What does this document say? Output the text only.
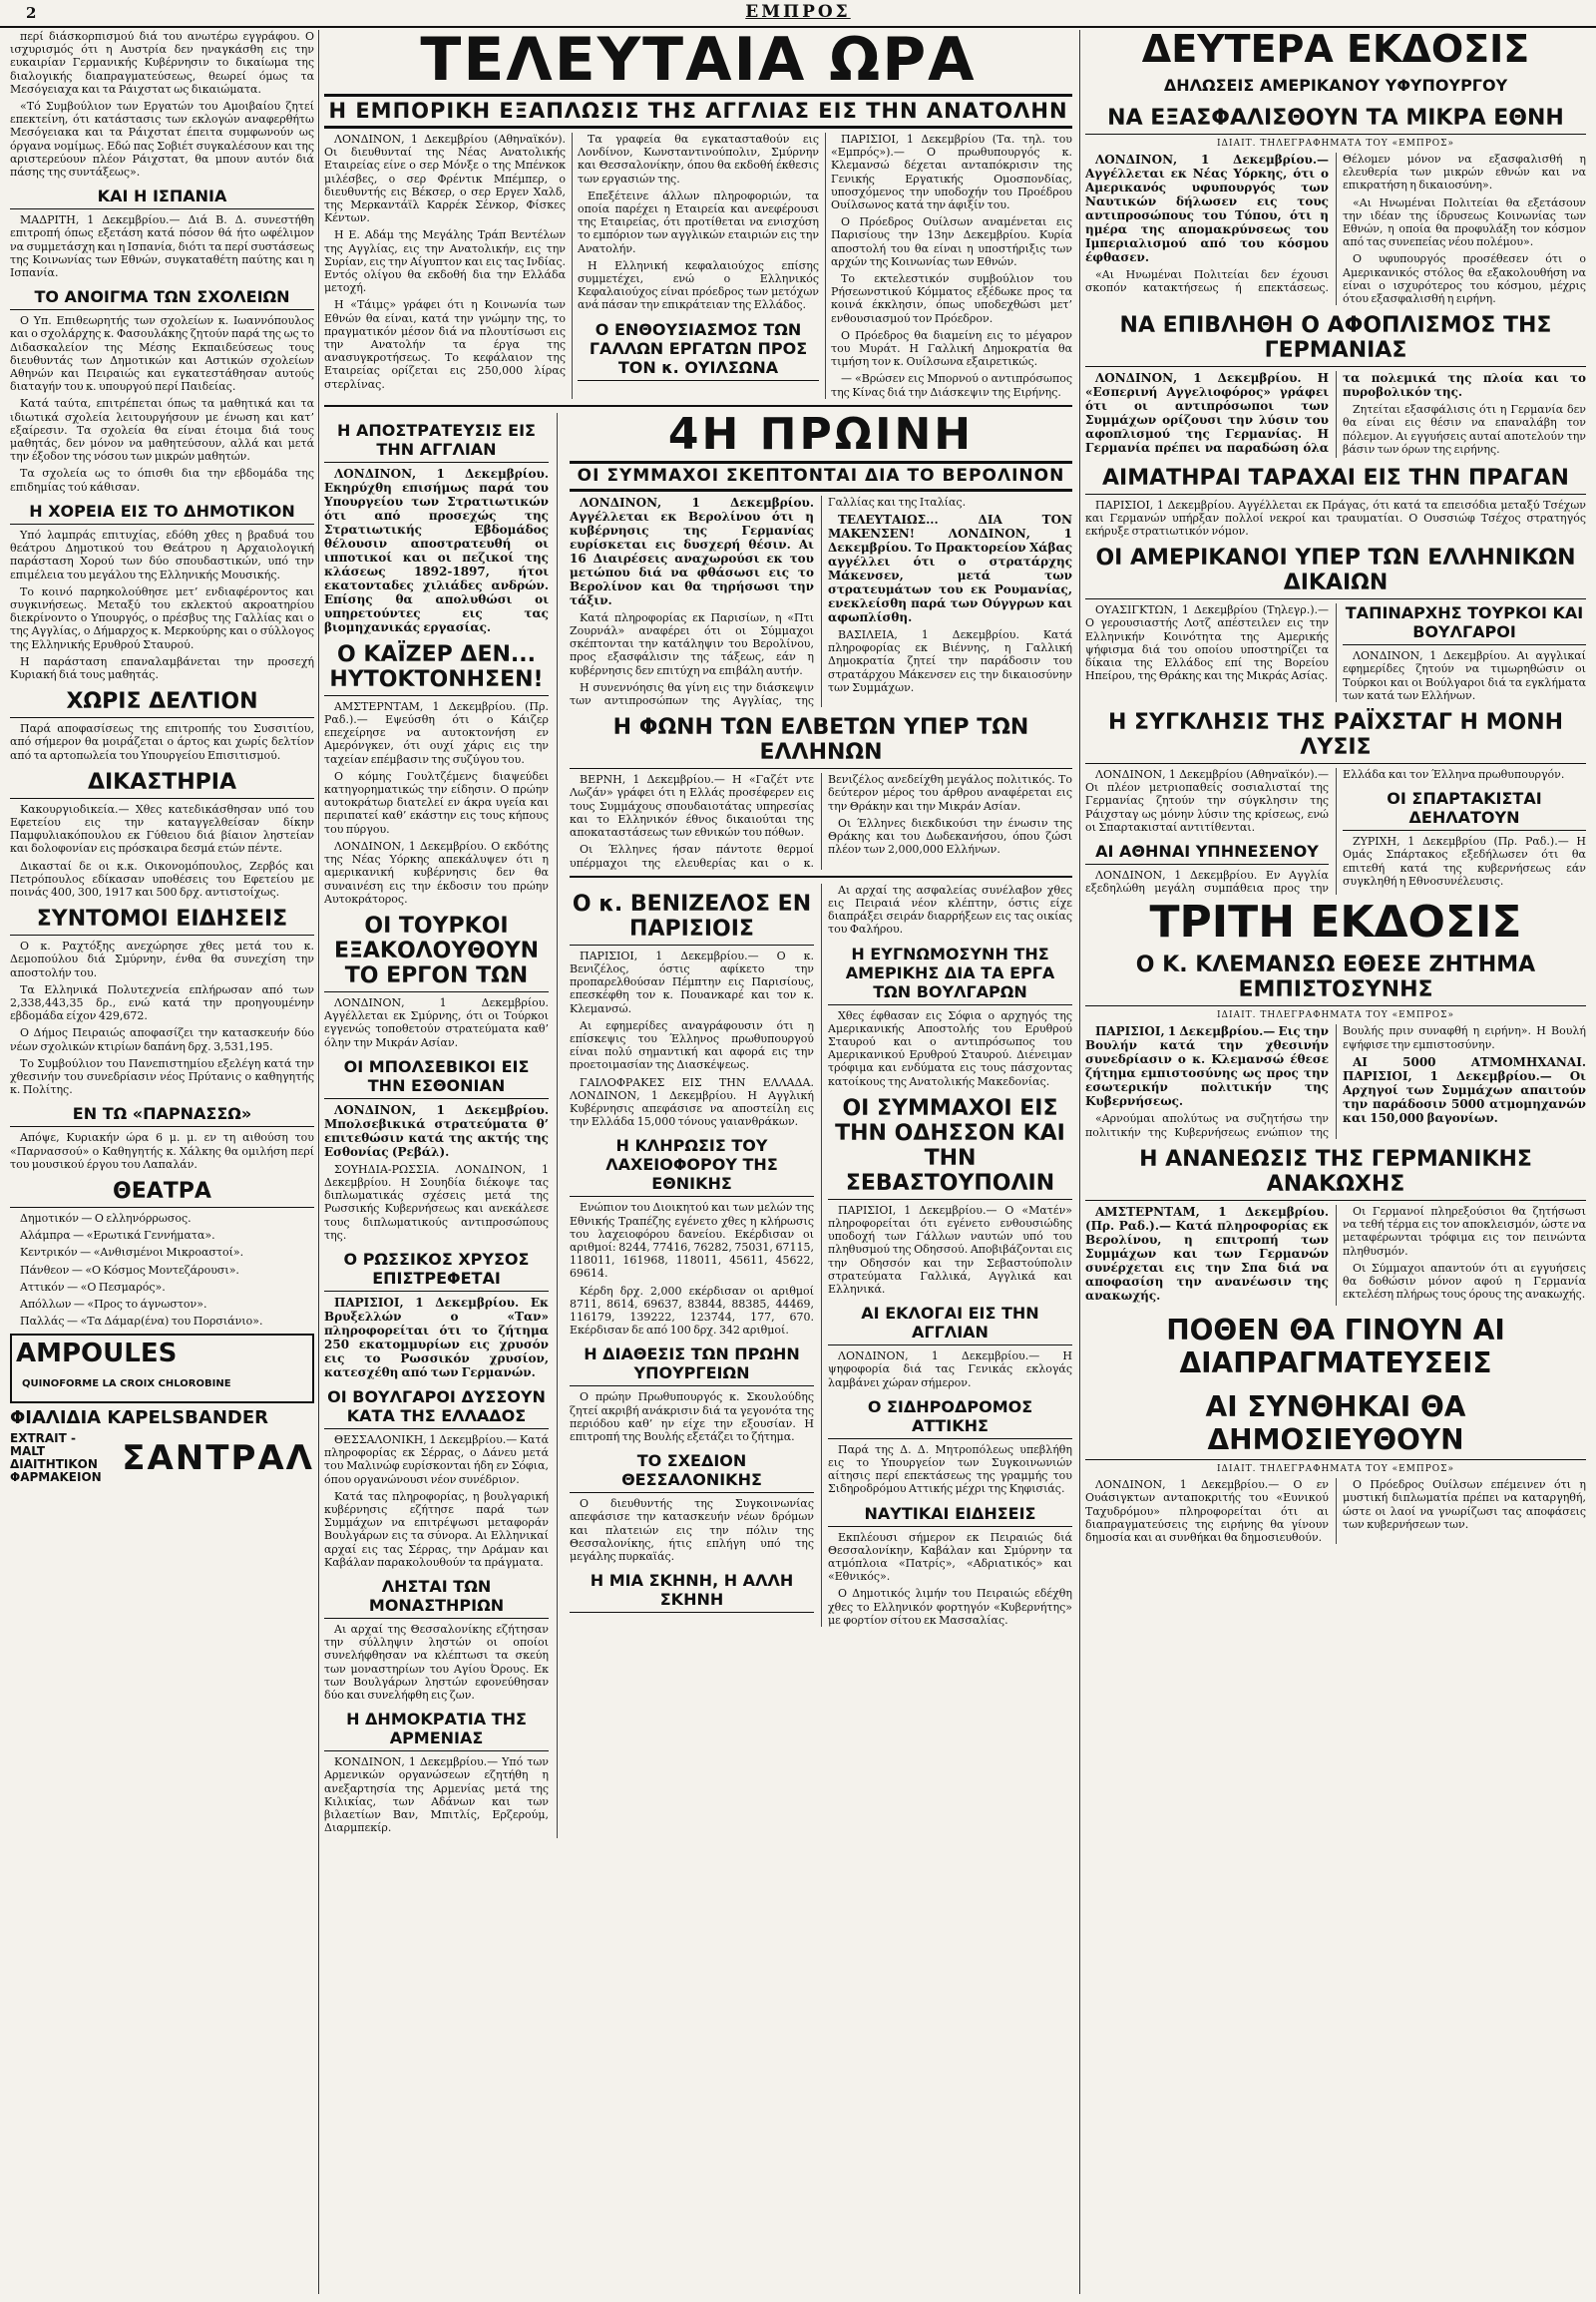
2	ΕΜΠΡΟΣ

περί διάσκορπισμού διά του ανωτέρω εγγράφου. Ο ισχυρισμός ότι η Αυστρία δεν ηναγκάσθη εις την ευκαιρίαν Γερμανικής Κυβέρνησιν το δικαίωμα της διαλογικής διαπραγματεύσεως, θεωρεί όμως τα Μεσόγειαχα και τα Ράιχστατ ως δικαιώματα.

«Τό Συμβούλιον των Εργατών του Αμοιβαίου ζητεί επεκτείνη, ότι κατάστασις των εκλογών αναφερθήτω Μεσόγειακα και τα Ράιχστατ έπειτα συμφωνούν ως όργανα νομίμως. Εδώ πας Σοβιέτ συγκαλέσουν και της αριστερεύουν πλέον Ράιχστατ, θα μπουν αυτόν διά πάσης της συντάξεως».

ΚΑΙ Η ΙΣΠΑΝΙΑ

ΜΑΔΡΙΤΗ, 1 Δεκεμβρίου.— Διά Β. Δ. συνεστήθη επιτροπή όπως εξετάση κατά πόσον θά ήτο ωφέλιμον να συμμετάσχη και η Ισπανία, διότι τα περί συστάσεως της Κοινωνίας των Εθνών, συγκαταθέτη παύτης και η Ισπανία.

ΤΟ ΑΝΟΙΓΜΑ ΤΩΝ ΣΧΟΛΕΙΩΝ

Ο Υπ. Επιθεωρητής των σχολείων κ. Ιωαννόπουλος και ο σχολάρχης κ. Φασουλάκης ζητούν παρά της ως το Διδασκαλείον της Μέσης Εκπαιδεύσεως τους διευθυντάς των Δημοτικών και Αστικών σχολείων Αθηνών και Πειραιώς και εγκατεστάθησαν αυτούς διαταγήν του κ. υπουργού περί Παιδείας.

Κατά ταύτα, επιτρέπεται όπως τα μαθητικά και τα ιδιωτικά σχολεία λειτουργήσουν με ένωση και κατ’ εξαίρεσιν. Τα σχολεία θα είναι έτοιμα διά τους μαθητάς, δεν μόνον να μαθητεύσουν, αλλά και μετά την έξοδον της νόσου των μικρών μαθητών.

Τα σχολεία ως το όπισθι δια την εβδομάδα της επιδημίας τού κάθισαν.

Η ΧΟΡΕΙΑ ΕΙΣ ΤΟ ΔΗΜΟΤΙΚΟΝ

Υπό λαμπράς επιτυχίας, εδόθη χθες η βραδυά του θεάτρου Δημοτικού του Θεάτρου η Αρχαιολογική παράσταση Χορού των δύο σπουδαστικών, υπό την επιμέλεια του μεγάλου της Ελληνικής Μουσικής.

Το κοινό παρηκολούθησε μετ’ ενδιαφέροντος και συγκινήσεως. Μεταξύ του εκλεκτού ακροατηρίου διεκρίνοντο ο Υπουργός, ο πρέσβυς της Γαλλίας και ο της Αγγλίας, ο Δήμαρχος κ. Μερκούρης και ο σύλλογος της Ελληνικής Ερυθρού Σταυρού.

Η παράσταση επαναλαμβάνεται την προσεχή Κυριακή διά τους μαθητάς.

ΧΩΡΙΣ ΔΕΛΤΙΟΝ

Παρά αποφασίσεως της επιτροπής του Συσσιτίου, από σήμερον θα μοιράζεται ο άρτος και χωρίς δελτίον από τα αρτοπωλεία του Υπουργείου Επισιτισμού.

ΔΙΚΑΣΤΗΡΙΑ

Κακουργιοδικεία.— Χθες κατεδικάσθησαν υπό του Εφετείου εις την καταγγελθείσαν δίκην Παμφυλιακόπουλου εκ Γύθειου διά βίαιον ληστείαν και δολοφονίαν εις πρόσκαιρα δεσμά ετών πέντε.

Δικασταί δε οι κ.κ. Οικονομόπουλος, Ζερβός και Πετρόπουλος εδίκασαν υποθέσεις του Εφετείου με ποινάς 400, 300, 1917 και 500 δρχ. αντιστοίχως.

ΣΥΝΤΟΜΟΙ ΕΙΔΗΣΕΙΣ

Ο κ. Ραχτόξης ανεχώρησε χθες μετά του κ. Δεμοπούλου διά Σμύρνην, ένθα θα συνεχίση την αποστολήν του.

Τα Ελληνικά Πολυτεχνεία επλήρωσαν από των 2,338,443,35 δρ., ενώ κατά την προηγουμένην εβδομάδα είχον 429,672.

Ο Δήμος Πειραιώς αποφασίζει την κατασκευήν δύο νέων σχολικών κτιρίων δαπάνη δρχ. 3,531,195.

Το Συμβούλιον του Πανεπιστημίου εξελέγη κατά την χθεσινήν του συνεδρίασιν νέος Πρύτανις ο καθηγητής κ. Πολίτης.

ΕΝ ΤΩ «ΠΑΡΝΑΣΣΩ»

Απόψε, Κυριακήν ώρα 6 μ. μ. εν τη αιθούση του «Παρνασσού» ο Καθηγητής κ. Χάλκης θα ομιλήση περί του μουσικού έργου του Λαπαλάν.

ΘΕΑΤΡΑ

Δημοτικόν — Ο ελληνόρρωσος.

Αλάμπρα — «Ερωτικά Γεννήματα».

Κεντρικόν — «Ανθισμένοι Μικροαστοί».

Πάνθεον — «Ο Κόσμος Μοντεζάρουσι».

Αττικόν — «Ο Πεσμαρός».

Απόλλων — «Προς το άγνωστον».

Παλλάς — «Τα Δάμαρ(ένα) του Πορσιάνιο».

AMPOULES QUINOFORME LA CROIX CHLOROBINE
ΦΙΑΛΙΔΙΑ KAPELSBANDER
EXTRAIT - MALT
ΔΙΑΙΤΗΤΙΚΟΝ
ΦΑΡΜΑΚΕΙΟΝ ΣΑΝΤΡΑΛ
ΤΕΛΕΥΤΑΙΑ ΩΡΑ
Η ΕΜΠΟΡΙΚΗ ΕΞΑΠΛΩΣΙΣ ΤΗΣ ΑΓΓΛΙΑΣ ΕΙΣ ΤΗΝ ΑΝΑΤΟΛΗΝ

ΛΟΝΔΙΝΟΝ, 1 Δεκεμβρίου (Αθηναϊκόν). Οι διευθυνταί της Νέας Ανατολικής Εταιρείας είνε ο σερ Μόνξε ο της Μπένκοκ μιλέσβες, ο σερ Φρέντικ Μπέμπερ, ο διευθυντής εις Βέκσερ, ο σερ Εργεν Χαλδ, της Μερκαντάϊλ Καρρέκ Σένκορ, Φίσκες Κέντων.

Η Ε. Αδάμ της Μεγάλης Τράπ Βεντέλων της Αγγλίας, εις την Ανατολικήν, εις την Συρίαν, εις την Αίγυπτον και εις τας Ινδίας. Εντός ολίγου θα εκδοθή δια την Ελλάδα μετοχή.

Η «Τάιμς» γράφει ότι η Κοινωνία των Εθνών θα είναι, κατά την γνώμην της, το πραγματικόν μέσον διά να πλουτίσωσι εις την Ανατολήν τα έργα της ανασυγκροτήσεως. Το κεφάλαιον της Εταιρείας ορίζεται εις 250,000 λίρας στερλίνας.

Τα γραφεία θα εγκατασταθούν εις Λονδίνον, Κωνσταντινούπολιν, Σμύρνην και Θεσσαλονίκην, όπου θα εκδοθή έκθεσις των εργασιών της.

Επεξέτεινε άλλων πληροφοριών, τα οποία παρέχει η Εταιρεία και ανεφέρουσι της Εταιρείας, ότι προτίθεται να ενισχύση το εμπόριον των αγγλικών εταιριών εις την Ανατολήν.

Η Ελληνική κεφαλαιούχος επίσης συμμετέχει, ενώ ο Ελληνικός Κεφαλαιούχος είναι πρόεδρος των μετόχων ανά πάσαν την επικράτειαν της Ελλάδος.

Ο ΕΝΘΟΥΣΙΑΣΜΟΣ ΤΩΝ ΓΑΛΛΩΝ ΕΡΓΑΤΩΝ ΠΡΟΣ ΤΟΝ κ. ΟΥΙΛΣΩΝΑ

ΠΑΡΙΣΙΟΙ, 1 Δεκεμβρίου (Τα. τηλ. του «Εμπρός»).— Ο πρωθυπουργός κ. Κλεμανσώ δέχεται ανταπόκρισιν της Γενικής Εργατικής Ομοσπονδίας, υποσχόμενος την υποδοχήν του Προέδρου Ουίλσωνος κατά την άφιξίν του.

Ο Πρόεδρος Ουίλσων αναμένεται εις Παρισίους την 13ην Δεκεμβρίου. Κυρία αποστολή του θα είναι η υποστήριξις των αρχών της Κοινωνίας των Εθνών.

Το εκτελεστικόν συμβούλιον του Ρήσεωνστικού Κόμματος εξέδωκε προς τα κοινά έκκλησιν, όπως υποδεχθώσι μετ’ ενθουσιασμού τον Πρόεδρον.

Ο Πρόεδρος θα διαμείνη εις το μέγαρον του Μυράτ. Η Γαλλική Δημοκρατία θα τιμήση τον κ. Ουίλσωνα εξαιρετικώς.

— «Βρώσεν εις Μπορνού ο αντιπρόσωπος της Κίνας διά την Διάσκεψιν της Ειρήνης.

Η ΑΠΟΣΤΡΑΤΕΥΣΙΣ ΕΙΣ ΤΗΝ ΑΓΓΛΙΑΝ

ΛΟΝΔΙΝΟΝ, 1 Δεκεμβρίου. Εκηρύχθη επισήμως παρά του Υπουργείου των Στρατιωτικών ότι από προσεχώς της Στρατιωτικής Εβδομάδος θέλουσιν αποστρατευθή οι ιπποτικοί και οι πεζικοί της κλάσεως 1892-1897, ήτοι εκατονταδες χιλιάδες ανδρών. Επίσης θα απολυθώσι οι υπηρετούντες εις τας βιομηχανικάς εργασίας.

Ο ΚΑΪΖΕΡ ΔΕΝ... ΗΥΤΟΚΤΟΝΗΣΕΝ!

ΑΜΣΤΕΡΝΤΑΜ, 1 Δεκεμβρίου. (Πρ. Ραδ.).— Εψεύσθη ότι ο Κάιζερ επεχείρησε να αυτοκτονήση εν Αμερόνγκεν, ότι ουχί χάρις εις την ταχείαν επέμβασιν της συζύγου του.

Ο κόμης Γουλτζέμενς διαψεύδει κατηγορηματικώς την είδησιν. Ο πρώην αυτοκράτωρ διατελεί εν άκρα υγεία και περιπατεί καθ’ εκάστην εις τους κήπους του πύργου.

ΛΟΝΔΙΝΟΝ, 1 Δεκεμβρίου. Ο εκδότης της Νέας Υόρκης απεκάλυψεν ότι η αμερικανική κυβέρνησις δεν θα συναινέση εις την έκδοσιν του πρώην Αυτοκράτορος.

ΟΙ ΤΟΥΡΚΟΙ ΕΞΑΚΟΛΟΥΘΟΥΝ ΤΟ ΕΡΓΟΝ ΤΩΝ

ΛΟΝΔΙΝΟΝ, 1 Δεκεμβρίου. Αγγέλλεται εκ Σμύρνης, ότι οι Τούρκοι εγγενώς τοποθετούν στρατεύματα καθ’ όλην την Μικράν Ασίαν.

ΟΙ ΜΠΟΛΣΕΒΙΚΟΙ ΕΙΣ ΤΗΝ ΕΣΘΟΝΙΑΝ

ΛΟΝΔΙΝΟΝ, 1 Δεκεμβρίου. Μπολσεβικικά στρατεύματα θ’ επιτεθώσιν κατά της ακτής της Εσθονίας (Ρεβάλ).

ΣΟΥΗΔΙΑ-ΡΩΣΣΙΑ. ΛΟΝΔΙΝΟΝ, 1 Δεκεμβρίου. Η Σουηδία διέκοψε τας διπλωματικάς σχέσεις μετά της Ρωσσικής Κυβερνήσεως και ανεκάλεσε τους διπλωματικούς αντιπροσώπους της.

Ο ΡΩΣΣΙΚΟΣ ΧΡΥΣΟΣ ΕΠΙΣΤΡΕΦΕΤΑΙ

ΠΑΡΙΣΙΟΙ, 1 Δεκεμβρίου. Εκ Βρυξελλών ο «Ταν» πληροφορείται ότι το ζήτημα 250 εκατομμυρίων εις χρυσόν εις το Ρωσσικόν χρυσίον, κατεσχέθη από των Γερμανών.

ΟΙ ΒΟΥΛΓΑΡΟΙ ΔΥΣΣΟΥΝ ΚΑΤΑ ΤΗΣ ΕΛΛΑΔΟΣ

ΘΕΣΣΑΛΟΝΙΚΗ, 1 Δεκεμβρίου.— Κατά πληροφορίας εκ Σέρρας, ο Δάνευ μετά του Μαλινώφ ευρίσκονται ήδη εν Σόφια, όπου οργανώνουσι νέον συνέδριον.

Κατά τας πληροφορίας, η βουλγαρική κυβέρνησις εζήτησε παρά των Συμμάχων να επιτρέψωσι μεταφοράν Βουλγάρων εις τα σύνορα. Αι Ελληνικαί αρχαί εις τας Σέρρας, την Δράμαν και Καβάλαν παρακολουθούν τα πράγματα.

ΛΗΣΤΑΙ ΤΩΝ ΜΟΝΑΣΤΗΡΙΩΝ

Αι αρχαί της Θεσσαλονίκης εζήτησαν την σύλληψιν ληστών οι οποίοι συνελήφθησαν να κλέπτωσι τα σκεύη των μοναστηρίων του Αγίου Όρους. Εκ των Βουλγάρων ληστών εφονεύθησαν δύο και συνελήφθη εις ζων.

Η ΔΗΜΟΚΡΑΤΙΑ ΤΗΣ ΑΡΜΕΝΙΑΣ

ΚΟΝΔΙΝΟΝ, 1 Δεκεμβρίου.— Υπό των Αρμενικών οργανώσεων εζητήθη η ανεξαρτησία της Αρμενίας μετά της Κιλικίας, των Αδάνων και των βιλαετίων Βαν, Μπιτλίς, Ερζερούμ, Διαρμπεκίρ.

4Η ΠΡΩΙΝΗ
ΟΙ ΣΥΜΜΑΧΟΙ ΣΚΕΠΤΟΝΤΑΙ ΔΙΑ ΤΟ ΒΕΡΟΛΙΝΟΝ

ΛΟΝΔΙΝΟΝ, 1 Δεκεμβρίου. Αγγέλλεται εκ Βερολίνου ότι η κυβέρνησις της Γερμανίας ευρίσκεται εις δυσχερή θέσιν. Αι 16 Διαιρέσεις αναχωρούσι εκ του μετώπου διά να φθάσωσι εις το Βερολίνον και θα τηρήσωσι την τάξιν.

Κατά πληροφορίας εκ Παρισίων, η «Πτι Ζουρνάλ» αναφέρει ότι οι Σύμμαχοι σκέπτονται την κατάληψιν του Βερολίνου, προς εξασφάλισιν της τάξεως, εάν η κυβέρνησις δεν επιτύχη να επιβάλη αυτήν.

Η συνεννόησις θα γίνη εις την διάσκεψιν των αντιπροσώπων της Αγγλίας, της Γαλλίας και της Ιταλίας.

ΤΕΛΕΥΤΑΙΩΣ... ΔΙΑ ΤΟΝ ΜΑΚΕΝΣΕΝ! ΛΟΝΔΙΝΟΝ, 1 Δεκεμβρίου. Το Πρακτορείον Χάβας αγγέλλει ότι ο στρατάρχης Μάκενσεν, μετά των στρατευμάτων του εκ Ρουμανίας, ενεκλείσθη παρά των Ούγγρων και αφωπλίσθη.

ΒΑΣΙΛΕΙΑ, 1 Δεκεμβρίου. Κατά πληροφορίας εκ Βιέννης, η Γαλλική Δημοκρατία ζητεί την παράδοσιν του στρατάρχου Μάκενσεν εις την δικαιοσύνην των Συμμάχων.

Η ΦΩΝΗ ΤΩΝ ΕΛΒΕΤΩΝ ΥΠΕΡ ΤΩΝ ΕΛΛΗΝΩΝ

ΒΕΡΝΗ, 1 Δεκεμβρίου.— Η «Γαζέτ ντε Λωζάν» γράφει ότι η Ελλάς προσέφερεν εις τους Συμμάχους σπουδαιοτάτας υπηρεσίας και το Ελληνικόν έθνος δικαιούται της αποκαταστάσεως των εθνικών του πόθων.

Οι Έλληνες ήσαν πάντοτε θερμοί υπέρμαχοι της ελευθερίας και ο κ. Βενιζέλος ανεδείχθη μεγάλος πολιτικός. Το δεύτερον μέρος του άρθρου αναφέρεται εις την Θράκην και την Μικράν Ασίαν.

Οι Έλληνες διεκδικούσι την ένωσιν της Θράκης και του Δωδεκανήσου, όπου ζώσι πλέον των 2,000,000 Ελλήνων.

Ο κ. ΒΕΝΙΖΕΛΟΣ ΕΝ ΠΑΡΙΣΙΟΙΣ

ΠΑΡΙΣΙΟΙ, 1 Δεκεμβρίου.— Ο κ. Βενιζέλος, όστις αφίκετο την προπαρελθούσαν Πέμπτην εις Παρισίους, επεσκέφθη τον κ. Πουανκαρέ και τον κ. Κλεμανσώ.

Αι εφημερίδες αναγράφουσιν ότι η επίσκεψις του Έλληνος πρωθυπουργού είναι πολύ σημαντική και αφορά εις την προετοιμασίαν της Διασκέψεως.

ΓΑΙΛΟΦΡΑΚΕΣ ΕΙΣ ΤΗΝ ΕΛΛΑΔΑ. ΛΟΝΔΙΝΟΝ, 1 Δεκεμβρίου. Η Αγγλική Κυβέρνησις απεφάσισε να αποστείλη εις την Ελλάδα 15,000 τόνους γαιανθράκων.

Η ΚΛΗΡΩΣΙΣ ΤΟΥ ΛΑΧΕΙΟΦΟΡΟΥ ΤΗΣ ΕΘΝΙΚΗΣ

Ενώπιον του Διοικητού και των μελών της Εθνικής Τραπέζης εγένετο χθες η κλήρωσις του λαχειοφόρου δανείου. Εκέρδισαν οι αριθμοί: 8244, 77416, 76282, 75031, 67115, 118011, 161968, 118011, 45611, 45622, 69614.

Κέρδη δρχ. 2,000 εκέρδισαν οι αριθμοί 8711, 8614, 69637, 83844, 88385, 44469, 116179, 139222, 123744, 177, 670. Εκέρδισαν δε από 100 δρχ. 342 αριθμοί.

Η ΔΙΑΘΕΣΙΣ ΤΩΝ ΠΡΩΗΝ ΥΠΟΥΡΓΕΙΩΝ

Ο πρώην Πρωθυπουργός κ. Σκουλούδης ζητεί ακριβή ανάκρισιν διά τα γεγονότα της περιόδου καθ’ ην είχε την εξουσίαν. Η επιτροπή της Βουλής εξετάζει το ζήτημα.

ΤΟ ΣΧΕΔΙΟΝ ΘΕΣΣΑΛΟΝΙΚΗΣ

Ο διευθυντής της Συγκοινωνίας απεφάσισε την κατασκευήν νέων δρόμων και πλατειών εις την πόλιν της Θεσσαλονίκης, ήτις επλήγη υπό της μεγάλης πυρκαϊάς.

Η ΜΙΑ ΣΚΗΝΗ, Η ΑΛΛΗ ΣΚΗΝΗ

Αι αρχαί της ασφαλείας συνέλαβον χθες εις Πειραιά νέον κλέπτην, όστις είχε διαπράξει σειράν διαρρήξεων εις τας οικίας του Φαλήρου.

Η ΕΥΓΝΩΜΟΣΥΝΗ ΤΗΣ ΑΜΕΡΙΚΗΣ ΔΙΑ ΤΑ ΕΡΓΑ ΤΩΝ ΒΟΥΛΓΑΡΩΝ

Χθες έφθασαν εις Σόφια ο αρχηγός της Αμερικανικής Αποστολής του Ερυθρού Σταυρού και ο αντιπρόσωπος του Αμερικανικού Ερυθρού Σταυρού. Διένειμαν τρόφιμα και ενδύματα εις τους πάσχοντας κατοίκους της Ανατολικής Μακεδονίας.

ΟΙ ΣΥΜΜΑΧΟΙ ΕΙΣ ΤΗΝ ΟΔΗΣΣΟΝ ΚΑΙ ΤΗΝ ΣΕΒΑΣΤΟΥΠΟΛΙΝ

ΠΑΡΙΣΙΟΙ, 1 Δεκεμβρίου.— Ο «Ματέν» πληροφορείται ότι εγένετο ενθουσιώδης υποδοχή των Γάλλων ναυτών υπό του πληθυσμού της Οδησσού. Αποβιβάζονται εις την Οδησσόν και την Σεβαστούπολιν στρατεύματα Γαλλικά, Αγγλικά και Ελληνικά.

ΑΙ ΕΚΛΟΓΑΙ ΕΙΣ ΤΗΝ ΑΓΓΛΙΑΝ

ΛΟΝΔΙΝΟΝ, 1 Δεκεμβρίου.— Η ψηφοφορία διά τας Γενικάς εκλογάς λαμβάνει χώραν σήμερον.

Ο ΣΙΔΗΡΟΔΡΟΜΟΣ ΑΤΤΙΚΗΣ

Παρά της Δ. Δ. Μητροπόλεως υπεβλήθη εις το Υπουργείον των Συγκοινωνιών αίτησις περί επεκτάσεως της γραμμής του Σιδηροδρόμου Αττικής μέχρι της Κηφισιάς.

ΝΑΥΤΙΚΑΙ ΕΙΔΗΣΕΙΣ

Εκπλέουσι σήμερον εκ Πειραιώς διά Θεσσαλονίκην, Καβάλαν και Σμύρνην τα ατμόπλοια «Πατρίς», «Αδριατικός» και «Εθνικός».

Ο Δημοτικός λιμήν του Πειραιώς εδέχθη χθες το Ελληνικόν φορτηγόν «Κυβερνήτης» με φορτίον σίτου εκ Μασσαλίας.

ΔΕΥΤΕΡΑ ΕΚΔΟΣΙΣ
ΔΗΛΩΣΕΙΣ ΑΜΕΡΙΚΑΝΟΥ ΥΦΥΠΟΥΡΓΟΥ
ΝΑ ΕΞΑΣΦΑΛΙΣΘΟΥΝ ΤΑ ΜΙΚΡΑ ΕΘΝΗ
ΙΔΙΑΙΤ. ΤΗΛΕΓΡΑΦΗΜΑΤΑ ΤΟΥ «ΕΜΠΡΟΣ»

ΛΟΝΔΙΝΟΝ, 1 Δεκεμβρίου.— Αγγέλλεται εκ Νέας Υόρκης, ότι ο Αμερικανός υφυπουργός των Ναυτικών δήλωσεν εις τους αντιπροσώπους του Τύπου, ότι η ημέρα της απομακρύνσεως του Ιμπεριαλισμού από του κόσμου έφθασεν.

«Αι Ηνωμέναι Πολιτείαι δεν έχουσι σκοπόν κατακτήσεως ή επεκτάσεως. Θέλομεν μόνον να εξασφαλισθή η ελευθερία των μικρών εθνών και να επικρατήση η δικαιοσύνη».

«Αι Ηνωμέναι Πολιτείαι θα εξετάσουν την ιδέαν της ίδρυσεως Κοινωνίας των Εθνών, η οποία θα προφυλάξη τον κόσμον από τας συνεπείας νέου πολέμου».

Ο υφυπουργός προσέθεσεν ότι ο Αμερικανικός στόλος θα εξακολουθήση να είναι ο ισχυρότερος του κόσμου, μέχρις ότου εξασφαλισθή η ειρήνη.

ΝΑ ΕΠΙΒΛΗΘΗ Ο ΑΦΟΠΛΙΣΜΟΣ ΤΗΣ ΓΕΡΜΑΝΙΑΣ

ΛΟΝΔΙΝΟΝ, 1 Δεκεμβρίου. Η «Εσπερινή Αγγελιοφόρος» γράφει ότι οι αντιπρόσωποι των Συμμάχων ορίζουσι την λύσιν του αφοπλισμού της Γερμανίας. Η Γερμανία πρέπει να παραδώση όλα τα πολεμικά της πλοία και το πυροβολικόν της.

Ζητείται εξασφάλισις ότι η Γερμανία δεν θα είναι εις θέσιν να επαναλάβη τον πόλεμον. Αι εγγυήσεις αυταί αποτελούν την βάσιν των όρων της ειρήνης.

ΑΙΜΑΤΗΡΑΙ ΤΑΡΑΧΑΙ ΕΙΣ ΤΗΝ ΠΡΑΓΑΝ

ΠΑΡΙΣΙΟΙ, 1 Δεκεμβρίου. Αγγέλλεται εκ Πράγας, ότι κατά τα επεισόδια μεταξύ Τσέχων και Γερμανών υπήρξαν πολλοί νεκροί και τραυματίαι. Ο Ουσσιώφ Τσέχος στρατηγός εκήρυξε στρατιωτικόν νόμον.

ΟΙ ΑΜΕΡΙΚΑΝΟΙ ΥΠΕΡ ΤΩΝ ΕΛΛΗΝΙΚΩΝ ΔΙΚΑΙΩΝ

ΟΥΑΣΙΓΚΤΩΝ, 1 Δεκεμβρίου (Τηλεγρ.).— Ο γερουσιαστής Λοτζ απέστειλεν εις την Ελληνικήν Κοινότητα της Αμερικής ψήφισμα διά του οποίου υποστηρίζει τα δίκαια της Ελλάδος επί της Βορείου Ηπείρου, της Θράκης και της Μικράς Ασίας.

ΤΑΠΙΝΑΡΧΗΣ ΤΟΥΡΚΟΙ ΚΑΙ ΒΟΥΛΓΑΡΟΙ

ΛΟΝΔΙΝΟΝ, 1 Δεκεμβρίου. Αι αγγλικαί εφημερίδες ζητούν να τιμωρηθώσιν οι Τούρκοι και οι Βούλγαροι διά τα εγκλήματα των κατά των Ελλήνων.

Η ΣΥΓΚΛΗΣΙΣ ΤΗΣ ΡΑΪΧΣΤΑΓ Η ΜΟΝΗ ΛΥΣΙΣ

ΛΟΝΔΙΝΟΝ, 1 Δεκεμβρίου (Αθηναϊκόν).— Οι πλέον μετριοπαθείς σοσιαλισταί της Γερμανίας ζητούν την σύγκλησιν της Ράιχσταγ ως μόνην λύσιν της κρίσεως, ενώ οι Σπαρτακισταί αντιτίθενται.

ΑΙ ΑΘΗΝΑΙ ΥΠΗΝΕΣΕΝΟΥ

ΛΟΝΔΙΝΟΝ, 1 Δεκεμβρίου. Εν Αγγλία εξεδηλώθη μεγάλη συμπάθεια προς την Ελλάδα και τον Έλληνα πρωθυπουργόν.

ΟΙ ΣΠΑΡΤΑΚΙΣΤΑΙ ΔΕΗΛΑΤΟΥΝ

ΖΥΡΙΧΗ, 1 Δεκεμβρίου (Πρ. Ραδ.).— Η Ομάς Σπάρτακος εξεδήλωσεν ότι θα επιτεθή κατά της κυβερνήσεως εάν συγκληθή η Εθνοσυνέλευσις.

ΤΡΙΤΗ ΕΚΔΟΣΙΣ
Ο Κ. ΚΛΕΜΑΝΣΩ ΕΘΕΣΕ ΖΗΤΗΜΑ ΕΜΠΙΣΤΟΣΥΝΗΣ
ΙΔΙΑΙΤ. ΤΗΛΕΓΡΑΦΗΜΑΤΑ ΤΟΥ «ΕΜΠΡΟΣ»

ΠΑΡΙΣΙΟΙ, 1 Δεκεμβρίου.— Εις την Βουλήν κατά την χθεσινήν συνεδρίασιν ο κ. Κλεμανσώ έθεσε ζήτημα εμπιστοσύνης ως προς την εσωτερικήν πολιτικήν της Κυβερνήσεως.

«Αρνούμαι απολύτως να συζητήσω την πολιτικήν της Κυβερνήσεως ενώπιον της Βουλής πριν συναφθή η ειρήνη». Η Βουλή εψήφισε την εμπιστοσύνην.

ΑΙ 5000 ΑΤΜΟΜΗΧΑΝΑΙ. ΠΑΡΙΣΙΟΙ, 1 Δεκεμβρίου.— Οι Αρχηγοί των Συμμάχων απαιτούν την παράδοσιν 5000 ατμομηχανών και 150,000 βαγονίων.

Η ΑΝΑΝΕΩΣΙΣ ΤΗΣ ΓΕΡΜΑΝΙΚΗΣ ΑΝΑΚΩΧΗΣ

ΑΜΣΤΕΡΝΤΑΜ, 1 Δεκεμβρίου. (Πρ. Ραδ.).— Κατά πληροφορίας εκ Βερολίνου, η επιτροπή των Συμμάχων και των Γερμανών συνέρχεται εις την Σπα διά να αποφασίση την ανανέωσιν της ανακωχής.

Οι Γερμανοί πληρεξούσιοι θα ζητήσωσι να τεθή τέρμα εις τον αποκλεισμόν, ώστε να μεταφέρωνται τρόφιμα εις τον πεινώντα πληθυσμόν.

Οι Σύμμαχοι απαντούν ότι αι εγγυήσεις θα δοθώσιν μόνον αφού η Γερμανία εκτελέση πλήρως τους όρους της ανακωχής.

ΠΟΘΕΝ ΘΑ ΓΙΝΟΥΝ ΑΙ ΔΙΑΠΡΑΓΜΑΤΕΥΣΕΙΣ
ΑΙ ΣΥΝΘΗΚΑΙ ΘΑ ΔΗΜΟΣΙΕΥΘΟΥΝ
ΙΔΙΑΙΤ. ΤΗΛΕΓΡΑΦΗΜΑΤΑ ΤΟΥ «ΕΜΠΡΟΣ»

ΛΟΝΔΙΝΟΝ, 1 Δεκεμβρίου.— Ο εν Ουάσιγκτων ανταποκριτής του «Ευνικού Ταχυδρόμου» πληροφορείται ότι αι διαπραγματεύσεις της ειρήνης θα γίνουν δημοσία και αι συνθήκαι θα δημοσιευθούν.

Ο Πρόεδρος Ουίλσων επέμεινεν ότι η μυστική διπλωματία πρέπει να καταργηθή, ώστε οι λαοί να γνωρίζωσι τας αποφάσεις των κυβερνήσεων των.
